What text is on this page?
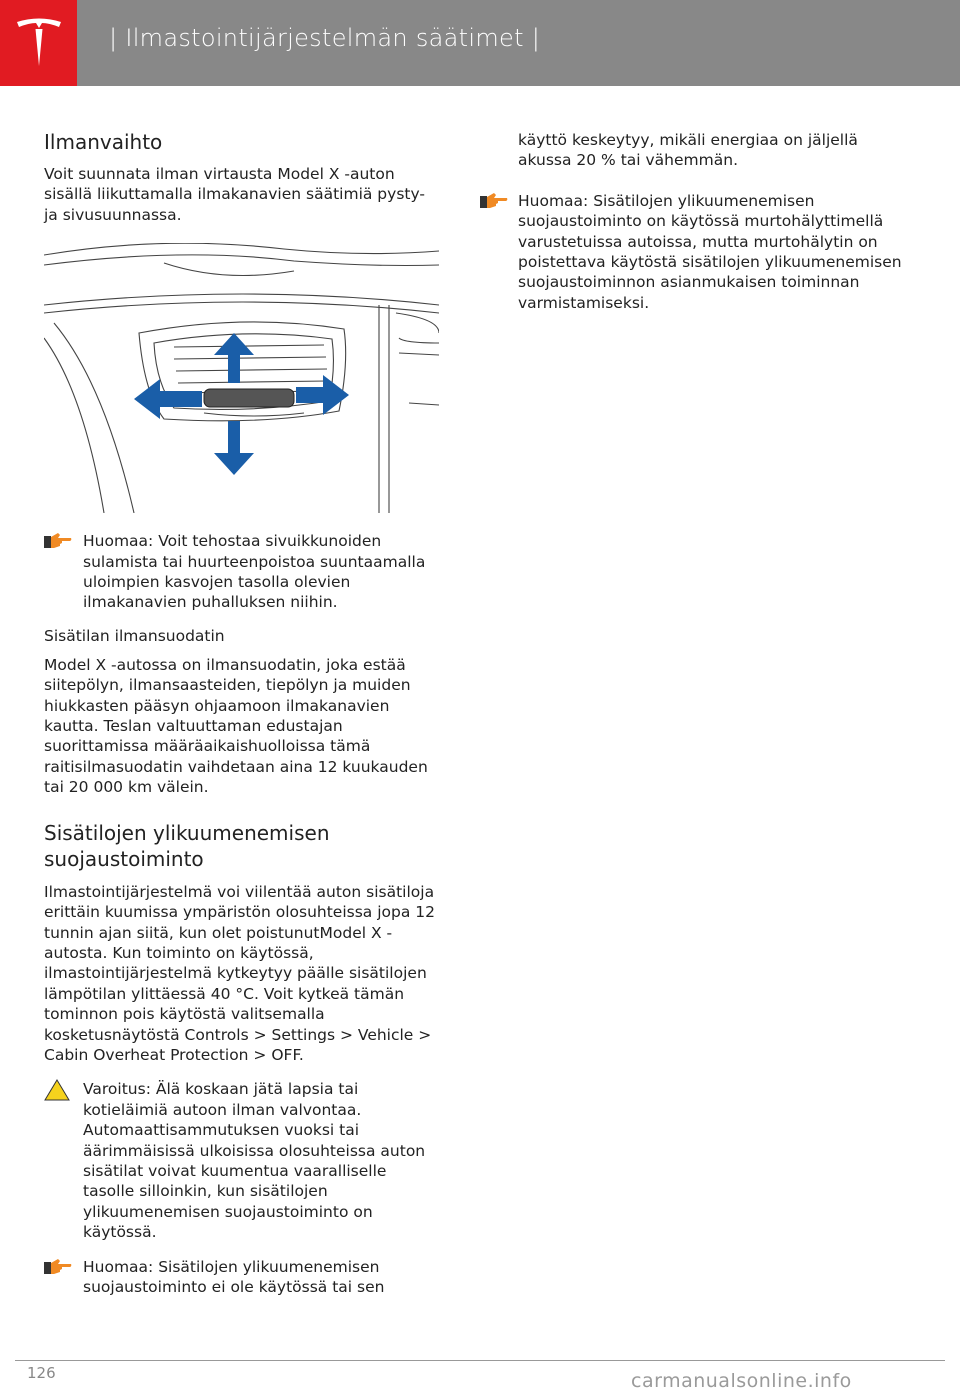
| Ilmastointijärjestelmän säätimet |
Ilmanvaihto

Voit suunnata ilman virtausta Model X -auton sisällä liikuttamalla ilmakanavien säätimiä pysty- ja sivusuunnassa.

Huomaa: Voit tehostaa sivuikkunoiden sulamista tai huurteenpoistoa suuntaamalla uloimpien kasvojen tasolla olevien ilmakanavien puhalluksen niihin.
Sisätilan ilmansuodatin

Model X -autossa on ilmansuodatin, joka estää siitepölyn, ilmansaasteiden, tiepölyn ja muiden hiukkasten pääsyn ohjaamoon ilmakanavien kautta. Teslan valtuuttaman edustajan suorittamissa määräaikaishuolloissa tämä raitisilmasuodatin vaihdetaan aina 12 kuukauden tai 20 000 km välein.

Sisätilojen ylikuumenemisen suojaustoiminto

Ilmastointijärjestelmä voi viilentää auton sisätiloja erittäin kuumissa ympäristön olosuhteissa jopa 12 tunnin ajan siitä, kun olet poistunutModel X -autosta. Kun toiminto on käytössä, ilmastointijärjestelmä kytkeytyy päälle sisätilojen lämpötilan ylittäessä 40 °C. Voit kytkeä tämän tominnon pois käytöstä valitsemalla kosketusnäytöstä Controls > Settings > Vehicle > Cabin Overheat Protection > OFF.

Varoitus: Älä koskaan jätä lapsia tai kotieläimiä autoon ilman valvontaa. Automaattisammutuksen vuoksi tai äärimmäisissä ulkoisissa olosuhteissa auton sisätilat voivat kuumentua vaaralliselle tasolle silloinkin, kun sisätilojen ylikuumenemisen suojaustoiminto on käytössä.
Huomaa: Sisätilojen ylikuumenemisen suojaustoiminto ei ole käytössä tai sen

käyttö keskeytyy, mikäli energiaa on jäljellä akussa 20 % tai vähemmän.

Huomaa: Sisätilojen ylikuumenemisen suojaustoiminto on käytössä murtohälyttimellä varustetuissa autoissa, mutta murtohälytin on poistettava käytöstä sisätilojen ylikuumenemisen suojaustoiminnon asianmukaisen toiminnan varmistamiseksi.
126	carmanualsonline.info
